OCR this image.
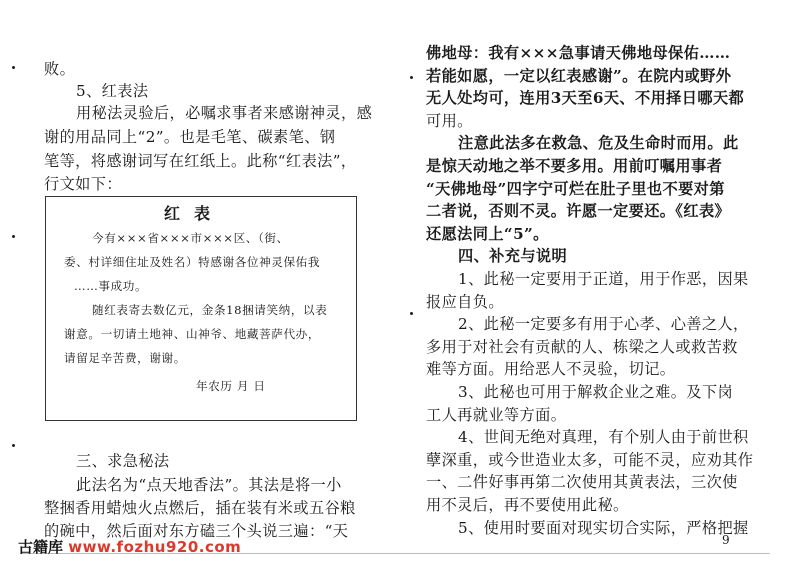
红表
今有×××省×××市×××区、（街、
委、村详细住址及姓名）特感谢各位神灵保佑我
……事成功。
随红表寄去数亿元，金条18捆请笑纳，以表
谢意。一切请土地神、山神爷、地藏菩萨代办，
请留足辛苦费，谢谢。
年农历 月 日
败。
5、红表法
用秘法灵验后，必嘱求事者来感谢神灵，感
谢的用品同上“2”。也是毛笔、碳素笔、钢
笔等，将感谢词写在红纸上。此称“红表法”，
行文如下：
三、求急秘法
此法名为“点天地香法”。其法是将一小
整捆香用蜡烛火点燃后，插在装有米或五谷粮
的碗中，然后面对东方磕三个头说三遍：“天
佛地母：我有×××急事请天佛地母保佑……
若能如愿，一定以红表感谢”。在院内或野外
无人处均可，连用3天至6天、不用择日哪天都
可用。
注意此法多在救急、危及生命时而用。此
是惊天动地之举不要多用。用前叮嘱用事者
“天佛地母”四字宁可烂在肚子里也不要对第
二者说，否则不灵。许愿一定要还。《红表》
还愿法同上“5”。
四、补充与说明
1、此秘一定要用于正道，用于作恶，因果
报应自负。
2、此秘一定要多有用于心孝、心善之人，
多用于对社会有贡献的人、栋梁之人或救苦救
难等方面。用给恶人不灵验，切记。
3、此秘也可用于解救企业之难。及下岗
工人再就业等方面。
4、世间无绝对真理，有个别人由于前世积
孽深重，或今世造业太多，可能不灵，应劝其作
一、二件好事再第二次使用其黄表法，三次使
用不灵后，再不要使用此秘。
5、使用时要面对现实切合实际，严格把握
9
古籍库 www.fozhu920.com
